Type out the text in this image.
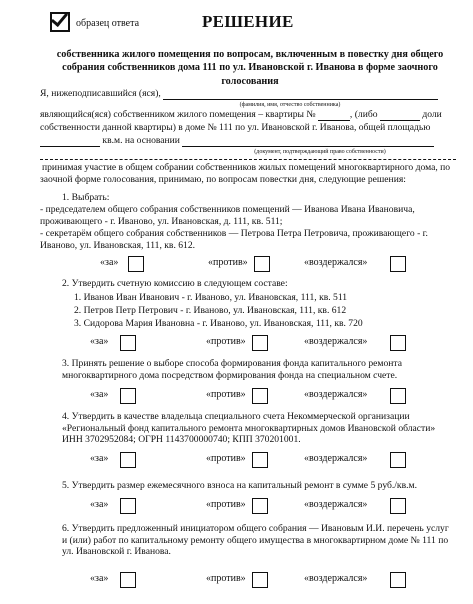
образец ответа	РЕШЕНИЕ
собственника жилого помещения по вопросам, включенным в повестку дня общего собрания собственников дома 111 по ул. Ивановской г. Иванова в форме заочного голосования
Я, нижеподписавшийся (яся),
(фамилия, имя, отчество собственника)
являющийся(яся) собственником жилого помещения – квартиры №	, (либо	доли
собственности данной квартиры) в доме № 111 по ул. Ивановской г. Иванова, общей площадью
кв.м. на основании
(документ, подтверждающий право собственности)
принимая участие в общем собрании собственников жилых помещений многоквартирного дома, по заочной форме голосования, принимаю, по вопросам повестки дня, следующие решения:
1. Выбрать:
- председателем общего собрания собственников помещений — Иванова Ивана Ивановича, проживающего - г. Иваново, ул. Ивановская, д. 111, кв. 511;
- секретарём общего собрания собственников — Петрова Петра Петровича, проживающего - г. Иваново, ул. Ивановская, 111, кв. 612.
«за»	«против»	«воздержался»
2. Утвердить счетную комиссию в следующем составе:
1. Иванов Иван Иванович - г. Иваново, ул. Ивановская, 111, кв. 511
2. Петров Петр Петрович - г. Иваново, ул. Ивановская, 111, кв. 612
3. Сидорова Мария Ивановна - г. Иваново, ул. Ивановская, 111, кв. 720
«за»	«против»	«воздержался»
3. Принять решение о выборе способа формирования фонда капитального ремонта многоквартирного дома посредством формирования фонда на специальном счете.
«за»	«против»	«воздержался»
4. Утвердить в качестве владельца специального счета Некоммерческой организации «Региональный фонд капитального ремонта многоквартирных домов Ивановской области» ИНН 3702952084; ОГРН 1143700000740; КПП 370201001.
«за»	«против»	«воздержался»
5. Утвердить размер ежемесячного взноса на капитальный ремонт в сумме 5 руб./кв.м.
«за»	«против»	«воздержался»
6. Утвердить предложенный инициатором общего собрания — Ивановым И.И. перечень услуг и (или) работ по капитальному ремонту общего имущества в многоквартирном доме № 111 по ул. Ивановской г. Иванова.
«за»	«против»	«воздержался»
